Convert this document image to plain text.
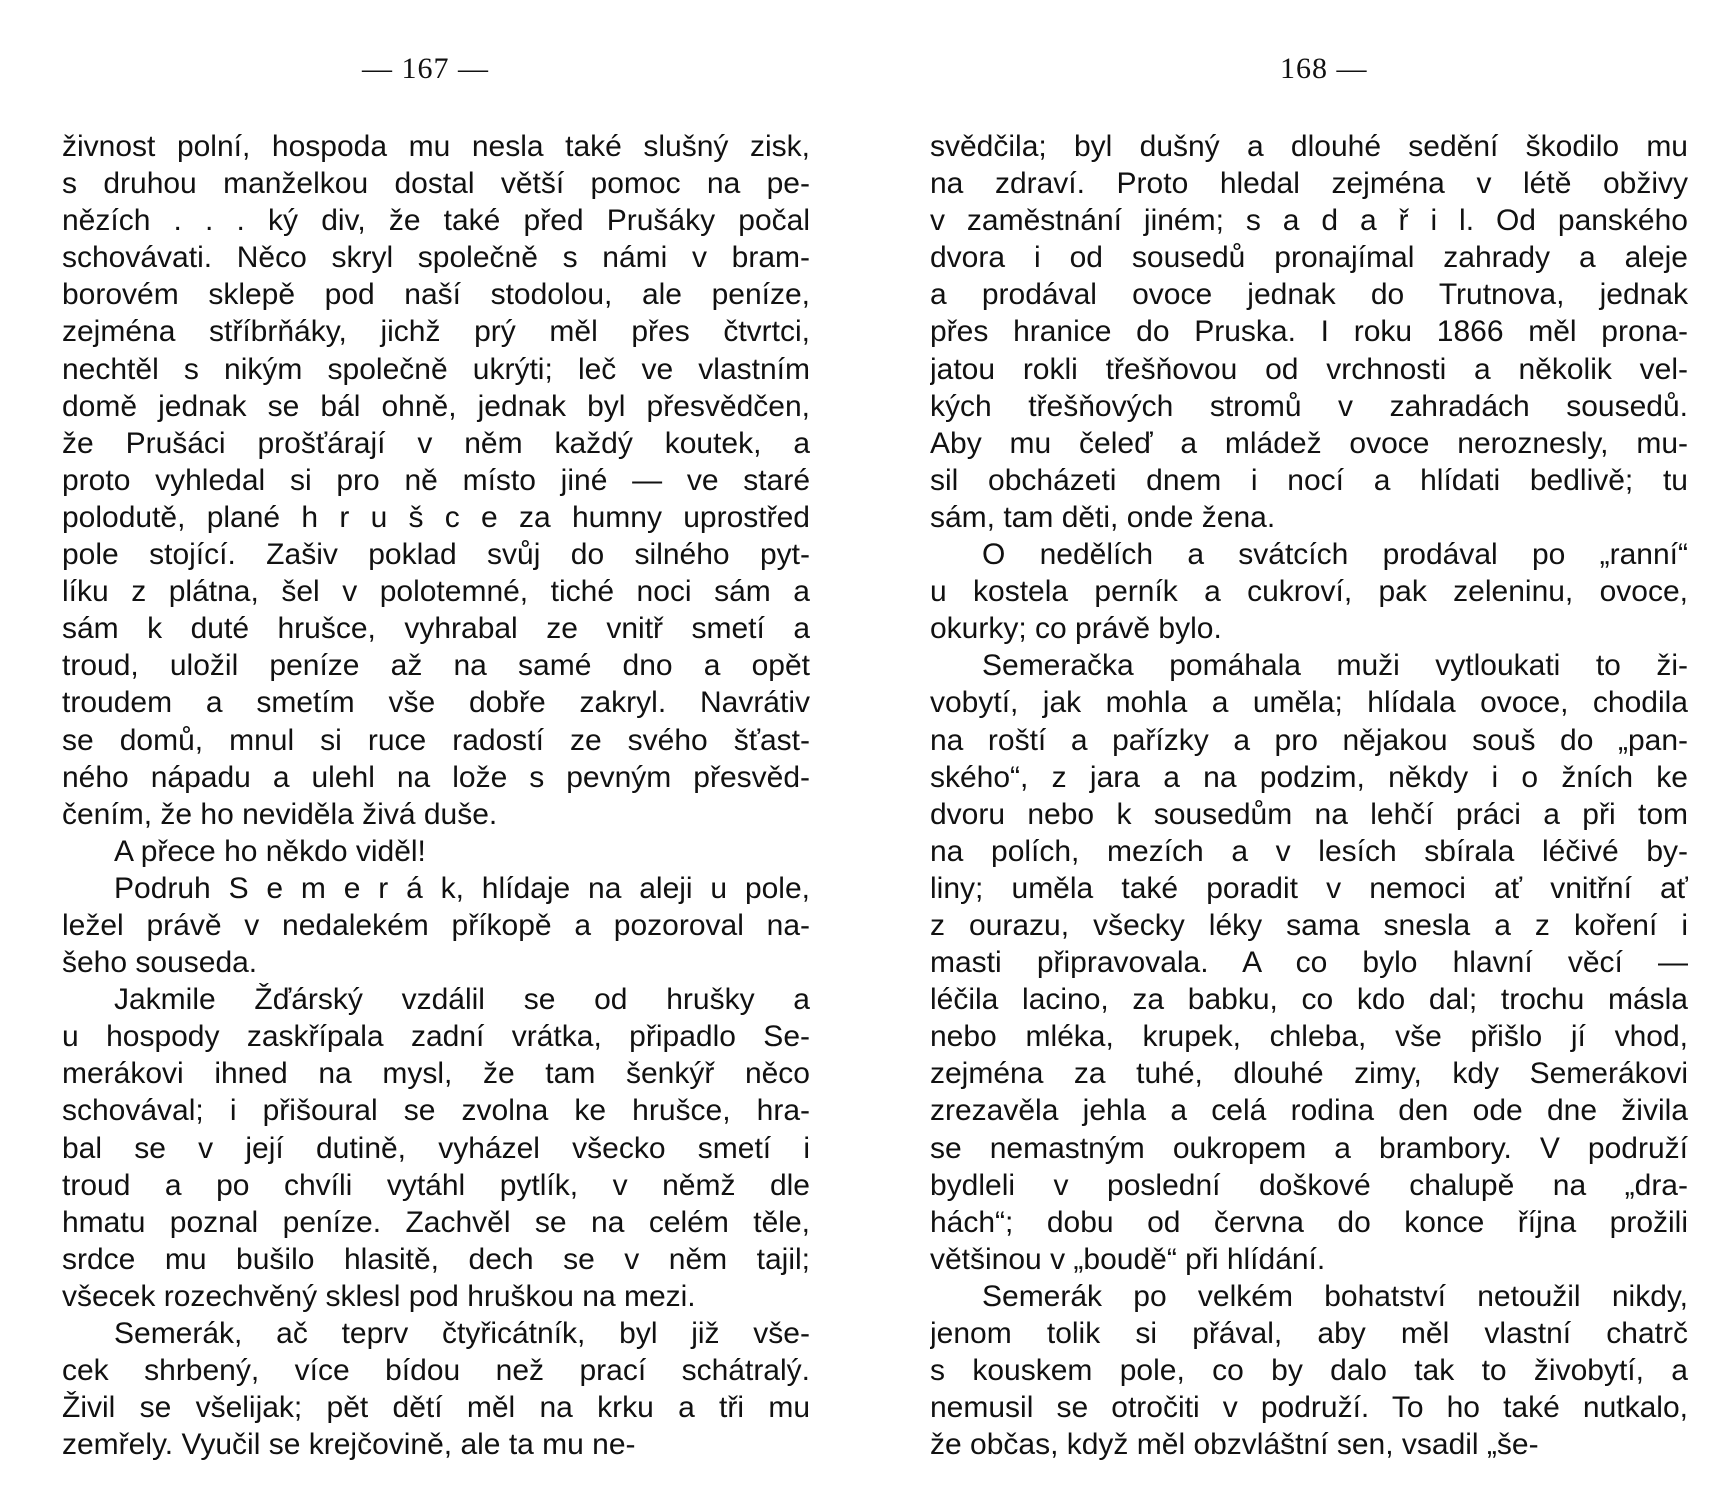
— 167 —
živnost polní, hospoda mu nesla také slušný zisk,
s druhou manželkou dostal větší pomoc na pe-
nězích . . . ký div, že také před Prušáky počal
schovávati. Něco skryl společně s námi v bram-
borovém sklepě pod naší stodolou, ale peníze,
zejména stříbrňáky, jichž prý měl přes čtvrtci,
nechtěl s nikým společně ukrýti; leč ve vlastním
domě jednak se bál ohně, jednak byl přesvědčen,
že Prušáci prošťárají v něm každý koutek, a
proto vyhledal si pro ně místo jiné — ve staré
polodutě, plané h r u š c e za humny uprostřed
pole stojící. Zašiv poklad svůj do silného pyt-
líku z plátna, šel v polotemné, tiché noci sám a
sám k duté hrušce, vyhrabal ze vnitř smetí a
troud, uložil peníze až na samé dno a opět
troudem a smetím vše dobře zakryl. Navrátiv
se domů, mnul si ruce radostí ze svého šťast-
ného nápadu a ulehl na lože s pevným přesvěd-
čením, že ho neviděla živá duše.
A přece ho někdo viděl!
Podruh S e m e r á k, hlídaje na aleji u pole,
ležel právě v nedalekém příkopě a pozoroval na-
šeho souseda.
Jakmile Žďárský vzdálil se od hrušky a
u hospody zaskřípala zadní vrátka, připadlo Se-
merákovi ihned na mysl, že tam šenkýř něco
schovával; i přišoural se zvolna ke hrušce, hra-
bal se v její dutině, vyházel všecko smetí i
troud a po chvíli vytáhl pytlík, v němž dle
hmatu poznal peníze. Zachvěl se na celém těle,
srdce mu bušilo hlasitě, dech se v něm tajil;
všecek rozechvěný sklesl pod hruškou na mezi.
Semerák, ač teprv čtyřicátník, byl již vše-
cek shrbený, více bídou než prací schátralý.
Živil se všelijak; pět dětí měl na krku a tři mu
zemřely. Vyučil se krejčovině, ale ta mu ne-
168 —
svědčila; byl dušný a dlouhé sedění škodilo mu
na zdraví. Proto hledal zejména v létě obživy
v zaměstnání jiném; s a d a ř i l. Od panského
dvora i od sousedů pronajímal zahrady a aleje
a prodával ovoce jednak do Trutnova, jednak
přes hranice do Pruska. I roku 1866 měl prona-
jatou rokli třešňovou od vrchnosti a několik vel-
kých třešňových stromů v zahradách sousedů.
Aby mu čeleď a mládež ovoce neroznesly, mu-
sil obcházeti dnem i nocí a hlídati bedlivě; tu
sám, tam děti, onde žena.
O nedělích a svátcích prodával po „ranní“
u kostela perník a cukroví, pak zeleninu, ovoce,
okurky; co právě bylo.
Semeračka pomáhala muži vytloukati to ži-
vobytí, jak mohla a uměla; hlídala ovoce, chodila
na roští a pařízky a pro nějakou souš do „pan-
ského“, z jara a na podzim, někdy i o žních ke
dvoru nebo k sousedům na lehčí práci a při tom
na polích, mezích a v lesích sbírala léčivé by-
liny; uměla také poradit v nemoci ať vnitřní ať
z ourazu, všecky léky sama snesla a z koření i
masti připravovala. A co bylo hlavní věcí —
léčila lacino, za babku, co kdo dal; trochu másla
nebo mléka, krupek, chleba, vše přišlo jí vhod,
zejména za tuhé, dlouhé zimy, kdy Semerákovi
zrezavěla jehla a celá rodina den ode dne živila
se nemastným oukropem a brambory. V podruží
bydleli v poslední doškové chalupě na „dra-
hách“; dobu od června do konce října prožili
většinou v „boudě“ při hlídání.
Semerák po velkém bohatství netoužil nikdy,
jenom tolik si přával, aby měl vlastní chatrč
s kouskem pole, co by dalo tak to živobytí, a
nemusil se otročiti v podruží. To ho také nutkalo,
že občas, když měl obzvláštní sen, vsadil „še-
